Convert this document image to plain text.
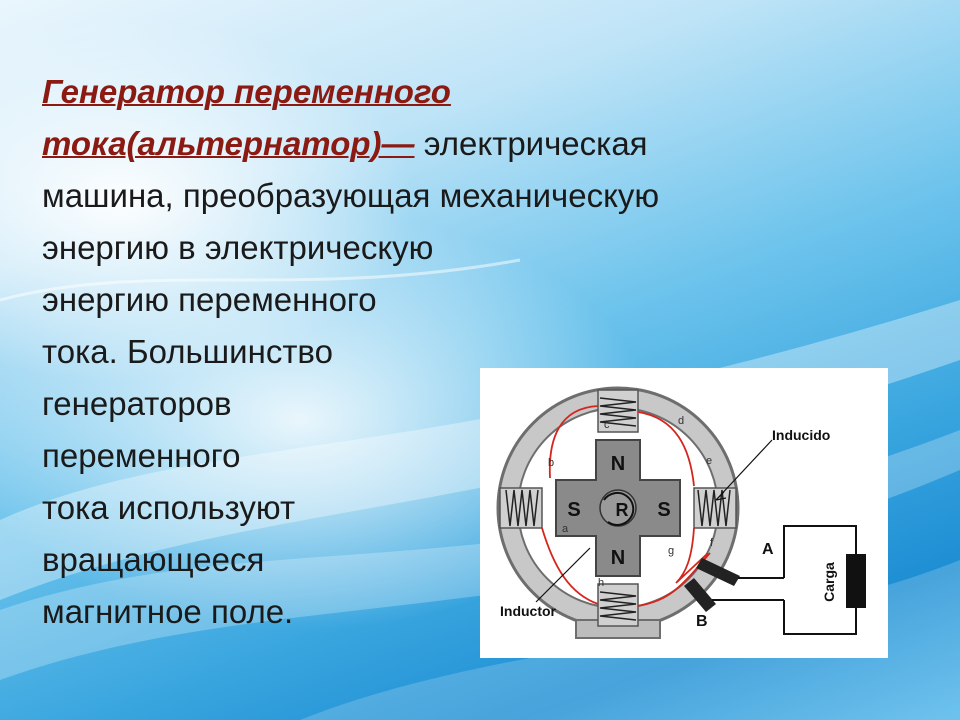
Генератор переменного
тока(альтернатор)— электрическая
машина, преобразующая механическую
энергию в электрическую
энергию переменного
тока. Большинство
генераторов
переменного
тока используют
вращающееся
магнитное поле.
N
N
S	S
R
b
c	d
e
f
g
h
a
Carga
A
B
Inducido
Inductor
